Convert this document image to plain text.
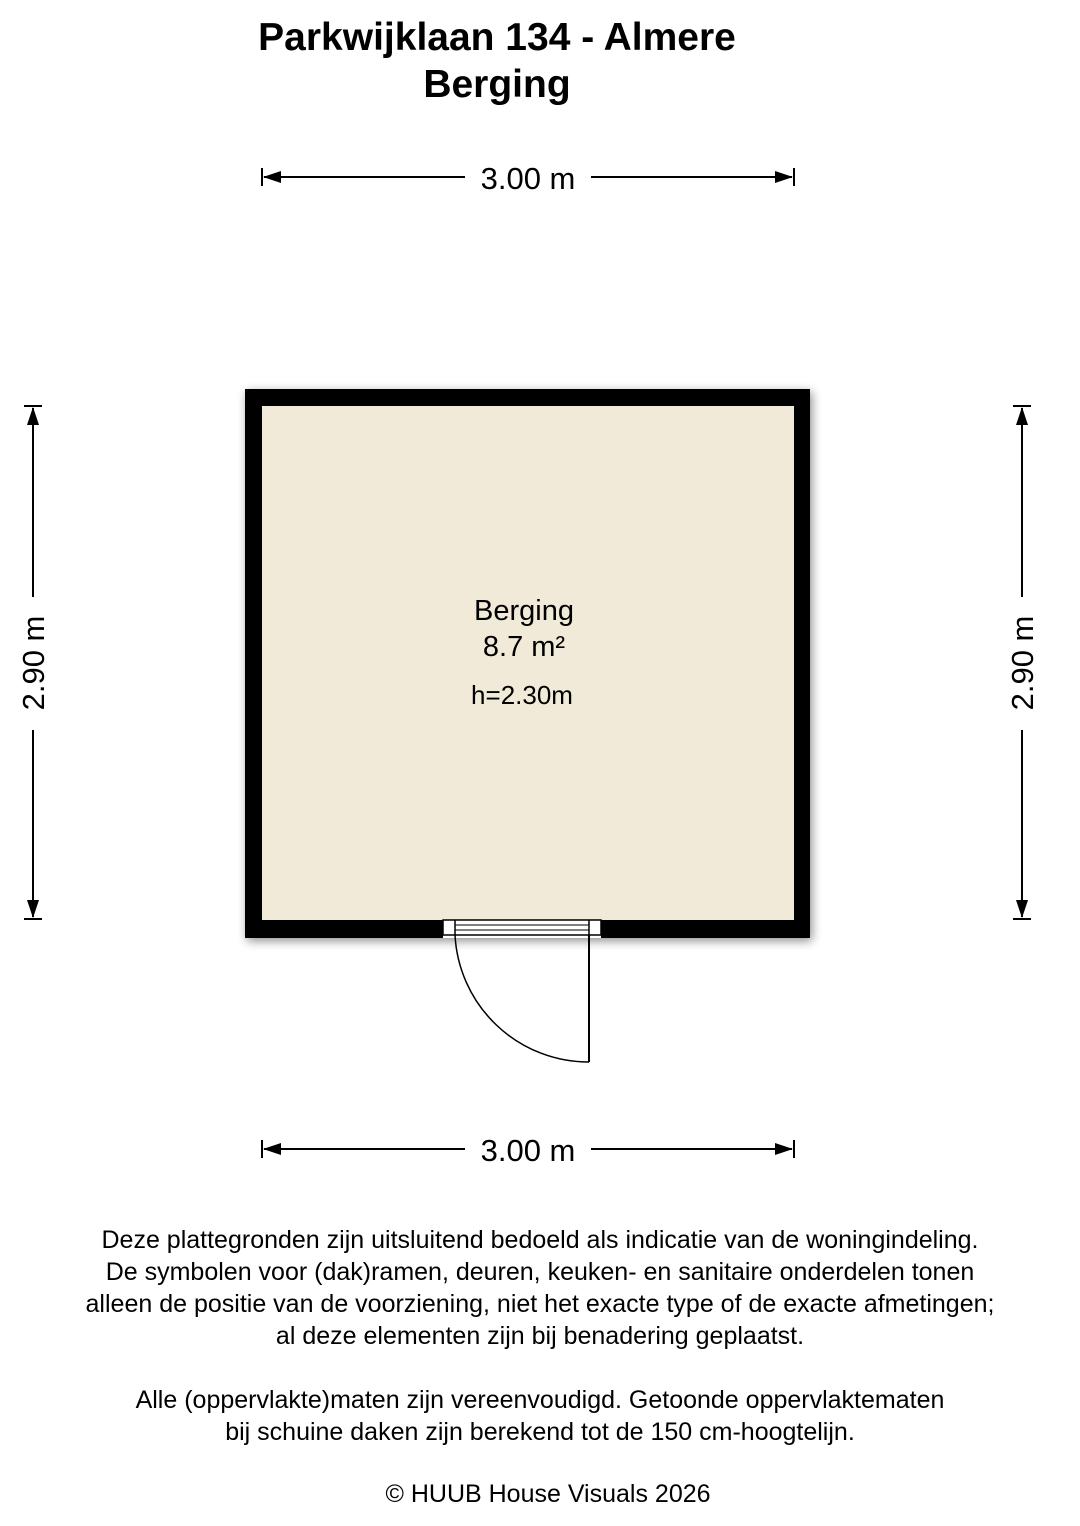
Parkwijklaan 134 - Almere
Berging
3.00 m
3.00 m
2.90 m	2.90 m
Berging
8.7 m²
h=2.30m
Deze plattegronden zijn uitsluitend bedoeld als indicatie van de woningindeling.
De symbolen voor (dak)ramen, deuren, keuken- en sanitaire onderdelen tonen
alleen de positie van de voorziening, niet het exacte type of de exacte afmetingen;
al deze elementen zijn bij benadering geplaatst.
Alle (oppervlakte)maten zijn vereenvoudigd. Getoonde oppervlaktematen
bij schuine daken zijn berekend tot de 150 cm-hoogtelijn.
© HUUB House Visuals 2026
